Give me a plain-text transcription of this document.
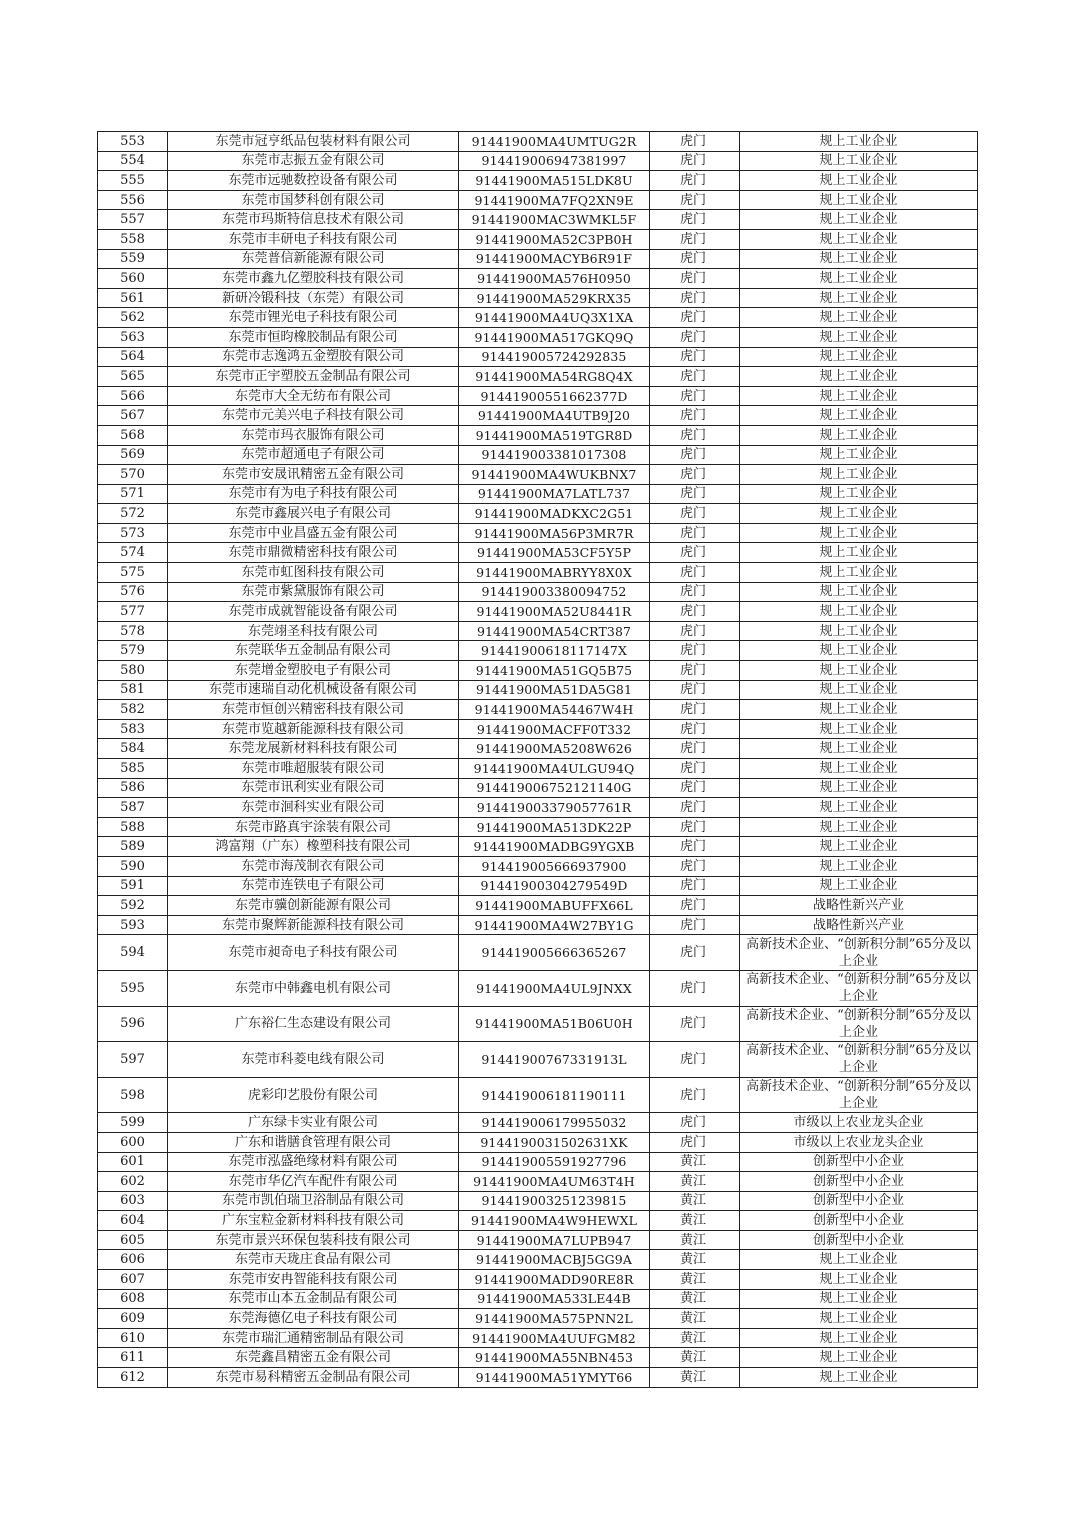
553	东莞市冠亨纸品包装材料有限公司	91441900MA4UMTUG2R	虎门	规上工业企业
554	东莞市志振五金有限公司	91441900694738199​7	虎门	规上工业企业
555	东莞市远驰数控设备有限公司	91441900MA515LDK8U	虎门	规上工业企业
556	东莞市国梦科创有限公司	91441900MA7FQ2XN9E	虎门	规上工业企业
557	东莞市玛斯特信息技术有限公司	91441900MAC3WMKL5F	虎门	规上工业企业
558	东莞市丰研电子科技有限公司	91441900MA52C3PB0H	虎门	规上工业企业
559	东莞普信新能源有限公司	91441900MACYB6R91F	虎门	规上工业企业
560	东莞市鑫九亿塑胶科技有限公司	91441900MA576H0950	虎门	规上工业企业
561	新研冷锻科技（东莞）有限公司	91441900MA529KRX35	虎门	规上工业企业
562	东莞市锂光电子科技有限公司	91441900MA4UQ3X1XA	虎门	规上工业企业
563	东莞市恒昀橡胶制品有限公司	91441900MA517GKQ9Q	虎门	规上工业企业
564	东莞市志逸鸿五金塑胶有限公司	914419005724292835	虎门	规上工业企业
565	东莞市正宇塑胶五金制品有限公司	91441900MA54RG8Q4X	虎门	规上工业企业
566	东莞市大全无纺布有限公司	91441900551662377D	虎门	规上工业企业
567	东莞市元美兴电子科技有限公司	91441900MA4UTB9J20	虎门	规上工业企业
568	东莞市玛衣服饰有限公司	91441900MA519TGR8D	虎门	规上工业企业
569	东莞市超通电子有限公司	914419003381017308	虎门	规上工业企业
570	东莞市安晟讯精密五金有限公司	91441900MA4WUKBNX7	虎门	规上工业企业
571	东莞市有为电子科技有限公司	91441900MA7LATL737	虎门	规上工业企业
572	东莞市鑫展兴电子有限公司	91441900MADKXC2G51	虎门	规上工业企业
573	东莞市中业昌盛五金有限公司	91441900MA56P3MR7R	虎门	规上工业企业
574	东莞市鼎微精密科技有限公司	91441900MA53CF5Y5P	虎门	规上工业企业
575	东莞市虹图科技有限公司	91441900MABRYY8X0X	虎门	规上工业企业
576	东莞市紫黛服饰有限公司	914419003380094752	虎门	规上工业企业
577	东莞市成就智能设备有限公司	91441900MA52U8441R	虎门	规上工业企业
578	东莞翊圣科技有限公司	91441900MA54CRT387	虎门	规上工业企业
579	东莞联华五金制品有限公司	91441900618117147X	虎门	规上工业企业
580	东莞增金塑胶电子有限公司	91441900MA51GQ5B75	虎门	规上工业企业
581	东莞市速瑞自动化机械设备有限公司	91441900MA51DA5G81	虎门	规上工业企业
582	东莞市恒创兴精密科技有限公司	91441900MA54467W4H	虎门	规上工业企业
583	东莞市览越新能源科技有限公司	91441900MACFF0T332	虎门	规上工业企业
584	东莞龙展新材料科技有限公司	91441900MA5208W626	虎门	规上工业企业
585	东莞市唯超服装有限公司	91441900MA4ULGU94Q	虎门	规上工业企业
586	东莞市讯利实业有限公司	914419006752121140G	虎门	规上工业企业
587	东莞市洄科实业有限公司	914419003379057761R	虎门	规上工业企业
588	东莞市路真宇涂装有限公司	91441900MA513DK22P	虎门	规上工业企业
589	鸿富翔（广东）橡塑科技有限公司	91441900MADBG9YGXB	虎门	规上工业企业
590	东莞市海茂制衣有限公司	914419005666937900	虎门	规上工业企业
591	东莞市连铁电子有限公司	91441900304279549D	虎门	规上工业企业
592	东莞市骥创新能源有限公司	91441900MABUFFX66L	虎门	战略性新兴产业
593	东莞市聚辉新能源科技有限公司	91441900MA4W27BY1G	虎门	战略性新兴产业
594	东莞市昶奇电子科技有限公司	914419005666365267	虎门	高新技术企业、“创新积分制”65分及以上企业
595	东莞市中韩鑫电机有限公司	91441900MA4UL9JNXX	虎门	高新技术企业、“创新积分制”65分及以上企业
596	广东裕仁生态建设有限公司	91441900MA51B06U0H	虎门	高新技术企业、“创新积分制”65分及以上企业
597	东莞市科菱电线有限公司	91441900767331913L	虎门	高新技术企业、“创新积分制”65分及以上企业
598	虎彩印艺股份有限公司	914419006181190111	虎门	高新技术企业、“创新积分制”65分及以上企业
599	广东绿卡实业有限公司	914419006179955032	虎门	市级以上农业龙头企业
600	广东和谐膳食管理有限公司	9144190031502631XK	虎门	市级以上农业龙头企业
601	东莞市泓盛绝缘材料有限公司	914419005591927796	黄江	创新型中小企业
602	东莞市华亿汽车配件有限公司	91441900MA4UM63T4H	黄江	创新型中小企业
603	东莞市凯伯瑞卫浴制品有限公司	914419003251239815	黄江	创新型中小企业
604	广东宝粒金新材料科技有限公司	91441900MA4W9HEWXL	黄江	创新型中小企业
605	东莞市景兴环保包装科技有限公司	91441900MA7LUPB947	黄江	创新型中小企业
606	东莞市天珑庄食品有限公司	91441900MACBJ5GG9A	黄江	规上工业企业
607	东莞市安冉智能科技有限公司	91441900MADD90RE8R	黄江	规上工业企业
608	东莞市山本五金制品有限公司	91441900MA533LE44B	黄江	规上工业企业
609	东莞海德亿电子科技有限公司	91441900MA575PNN2L	黄江	规上工业企业
610	东莞市瑞汇通精密制品有限公司	91441900MA4UUFGM82	黄江	规上工业企业
611	东莞鑫昌精密五金有限公司	91441900MA55NBN453	黄江	规上工业企业
612	东莞市易科精密五金制品有限公司	91441900MA51YMYT66	黄江	规上工业企业
